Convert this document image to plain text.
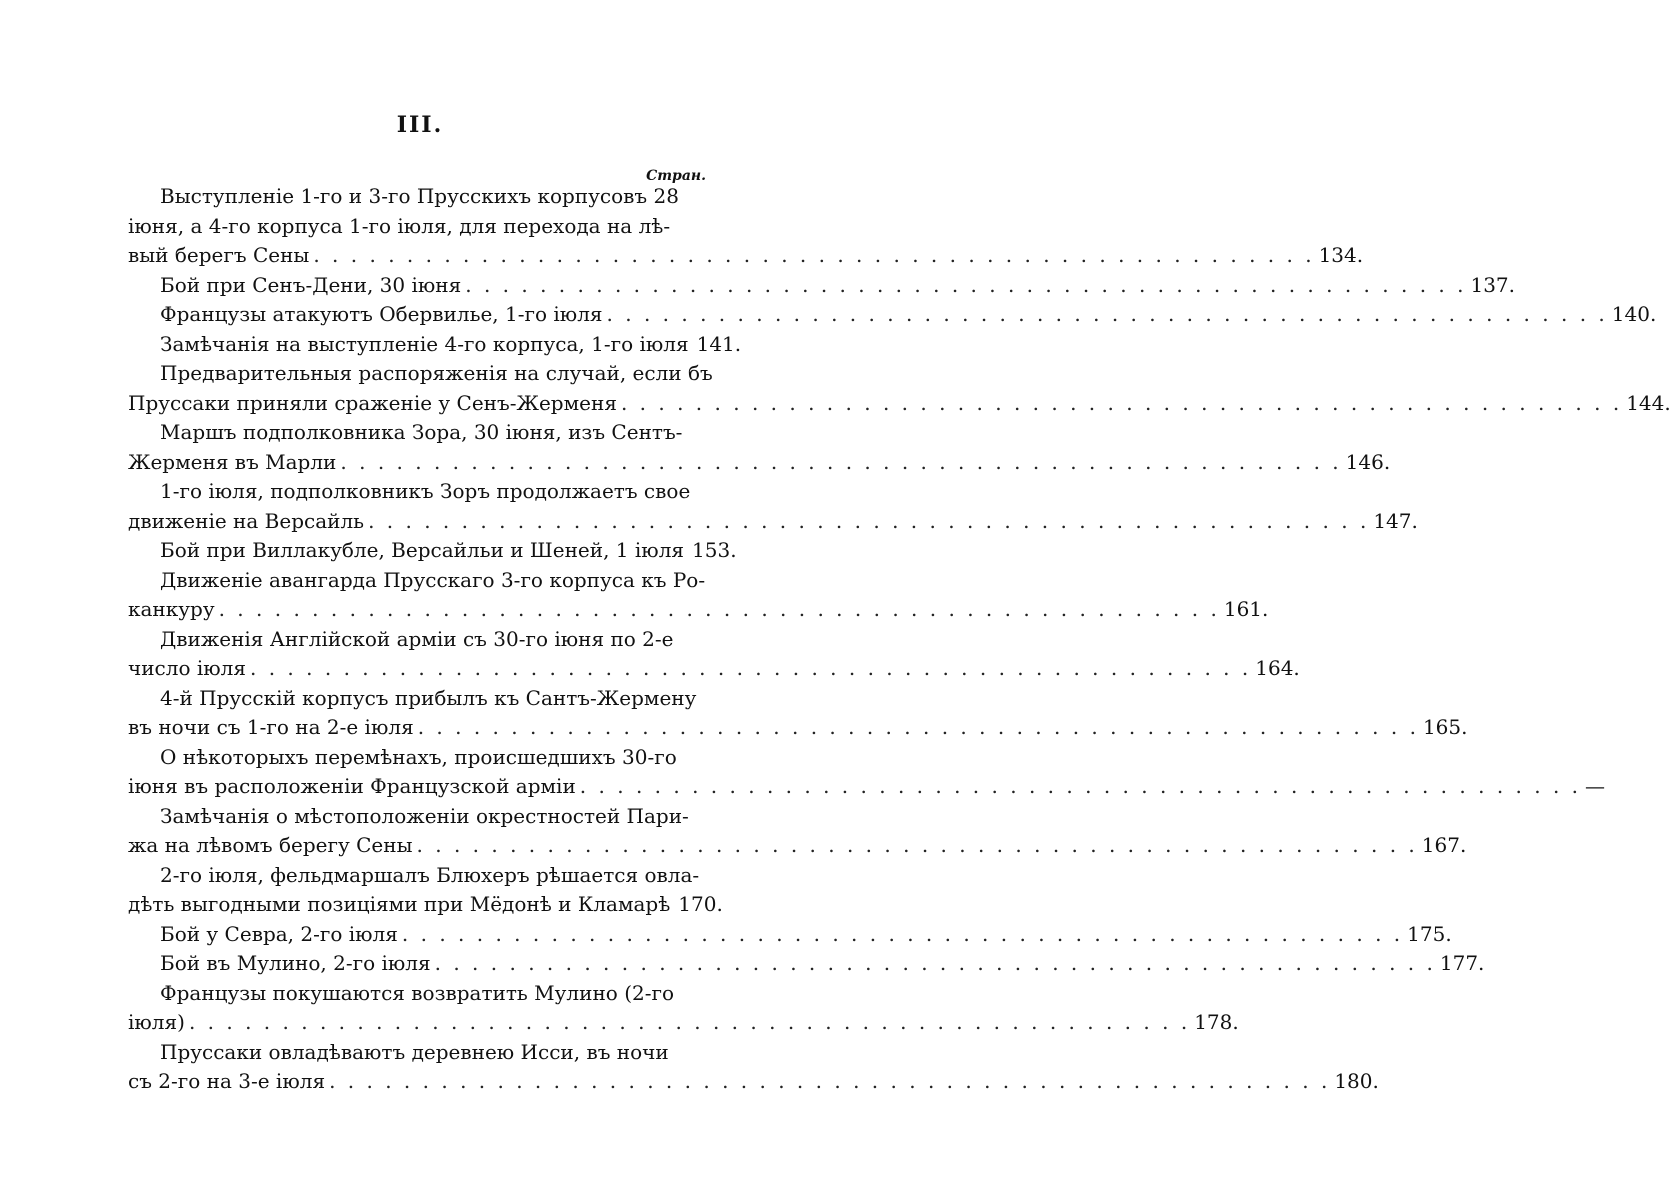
III.
Стран.
Выступленіе 1-го и 3-го Прусскихъ корпусовъ 28
іюня, а 4-го корпуса 1-го іюля, для перехода на лѣ-
вый берегъ Сены . . .	134.
Бой при Сенъ-Дени, 30 іюня . . .	137.
Французы атакуютъ Обервилье, 1-го іюля . . .	140.
Замѣчанія на выступленіе 4-го корпуса, 1-го іюля 141.
Предварительныя распоряженія на случай, если бъ
Пруссаки приняли сраженіе у Сенъ-Жерменя . . .	144.
Маршъ подполковника Зора, 30 іюня, изъ Сентъ-
Жерменя въ Марли . . .	146.
1-го іюля, подполковникъ Зоръ продолжаетъ свое
движеніе на Версайль . . .	147.
Бой при Виллакубле, Версайльи и Шеней, 1 іюля 153.
Движеніе авангарда Прусскаго 3-го корпуса къ Ро-
канкуру . . .	161.
Движенія Англійской арміи съ 30-го іюня по 2-е
число іюля . . .	164.
4-й Прусскій корпусъ прибылъ къ Сантъ-Жермену
въ ночи съ 1-го на 2-е іюля . . .	165.
О нѣкоторыхъ перемѣнахъ, происшедшихъ 30-го
іюня въ расположеніи Французской арміи . . .	—
Замѣчанія о мѣстоположеніи окрестностей Пари-
жа на лѣвомъ берегу Сены . . .	167.
2-го іюля, фельдмаршалъ Блюхеръ рѣшается овла-
дѣть выгодными позиціями при Мёдонѣ и Кламарѣ 170.
Бой у Севра, 2-го іюля . . .	175.
Бой въ Мулино, 2-го іюля . . .	177.
Французы покушаются возвратить Мулино (2-го
іюля) . . .	178.
Пруссаки овладѣваютъ деревнею Исси, въ ночи
съ 2-го на 3-е іюля . . .	180.
